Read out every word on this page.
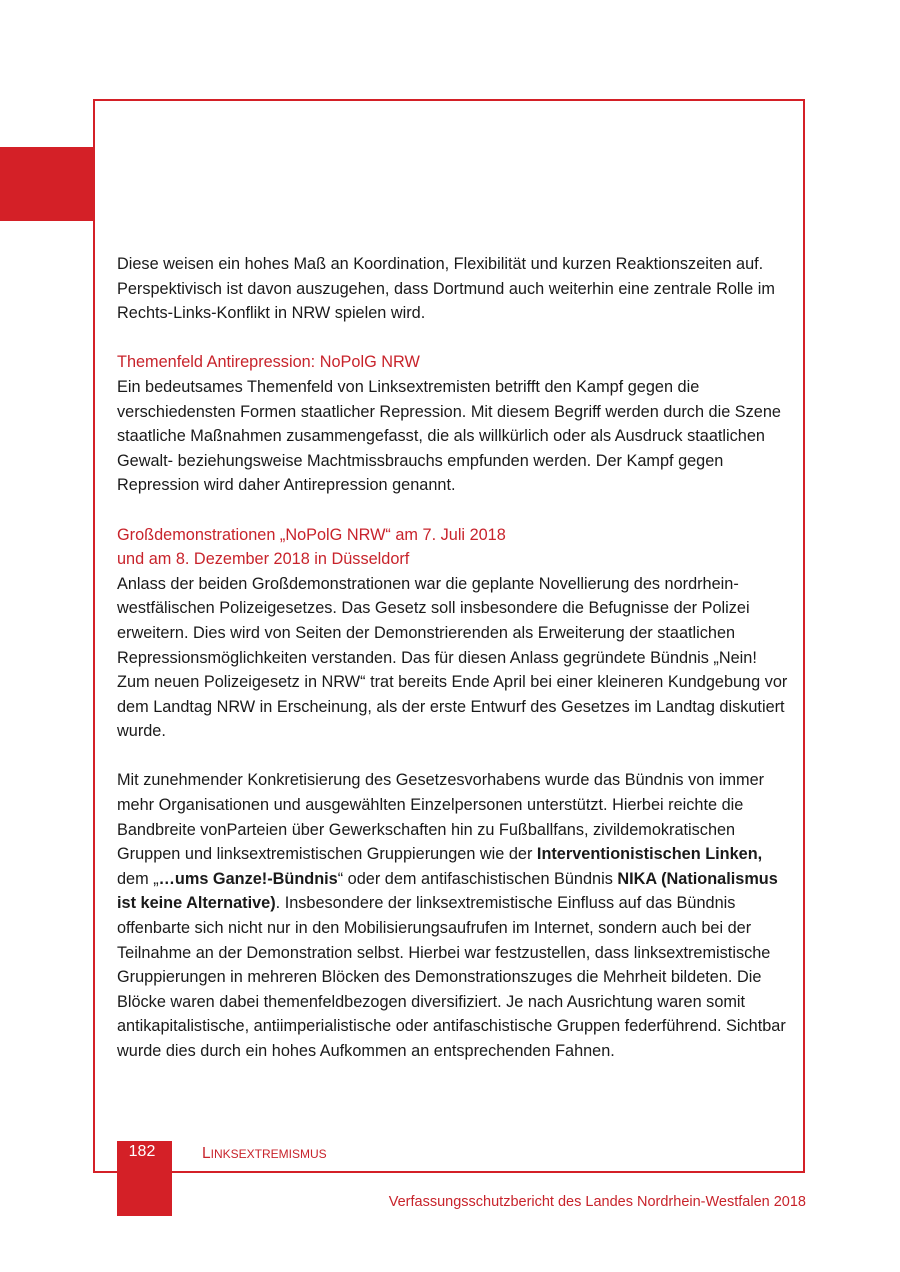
Diese weisen ein hohes Maß an Koordination, Flexibilität und kurzen Reaktionszeiten auf. Perspektivisch ist davon auszugehen, dass Dortmund auch weiterhin eine zentrale Rolle im Rechts-Links-Konflikt in NRW spielen wird.

Themenfeld Antirepression: NoPolG NRW

Ein bedeutsames Themenfeld von Linksextremisten betrifft den Kampf gegen die verschiedensten Formen staatlicher Repression. Mit diesem Begriff werden durch die Szene staatliche Maßnahmen zusammengefasst, die als willkürlich oder als Ausdruck staatlichen Gewalt- beziehungsweise Machtmissbrauchs empfunden werden. Der Kampf gegen Repression wird daher Antirepression genannt.

Großdemonstrationen „NoPolG NRW“ am 7. Juli 2018

und am 8. Dezember 2018 in Düsseldorf

Anlass der beiden Großdemonstrationen war die geplante Novellierung des nordrhein-westfälischen Polizeigesetzes. Das Gesetz soll insbesondere die Befugnisse der Polizei erweitern. Dies wird von Seiten der Demonstrierenden als Erweiterung der staatlichen Repressionsmöglichkeiten verstanden. Das für diesen Anlass gegründete Bündnis „Nein! Zum neuen Polizeigesetz in NRW“ trat bereits Ende April bei einer kleineren Kundgebung vor dem Landtag NRW in Erscheinung, als der erste Entwurf des Gesetzes im Landtag diskutiert wurde.

Mit zunehmender Konkretisierung des Gesetzesvorhabens wurde das Bündnis von immer mehr Organisationen und ausgewählten Einzelpersonen unterstützt. Hierbei reichte die Bandbreite vonParteien über Gewerkschaften hin zu Fußballfans, zivildemokratischen Gruppen und linksextremistischen Gruppierungen wie der Interventionistischen Linken, dem „…ums Ganze!-Bündnis“ oder dem antifaschistischen Bündnis NIKA (Nationalismus ist keine Alternative). Insbesondere der linksextremistische Einfluss auf das Bündnis offenbarte sich nicht nur in den Mobilisierungsaufrufen im Internet, sondern auch bei der Teilnahme an der Demonstration selbst. Hierbei war festzustellen, dass linksextremistische Gruppierungen in mehreren Blöcken des Demonstrationszuges die Mehrheit bildeten. Die Blöcke waren dabei themenfeldbezogen diversifiziert. Je nach Ausrichtung waren somit antikapitalistische, antiimperialistische oder antifaschistische Gruppen federführend. Sichtbar wurde dies durch ein hohes Aufkommen an entsprechenden Fahnen.

182	LINKSEXTREMISMUS
Verfassungsschutzbericht des Landes Nordrhein-Westfalen 2018
